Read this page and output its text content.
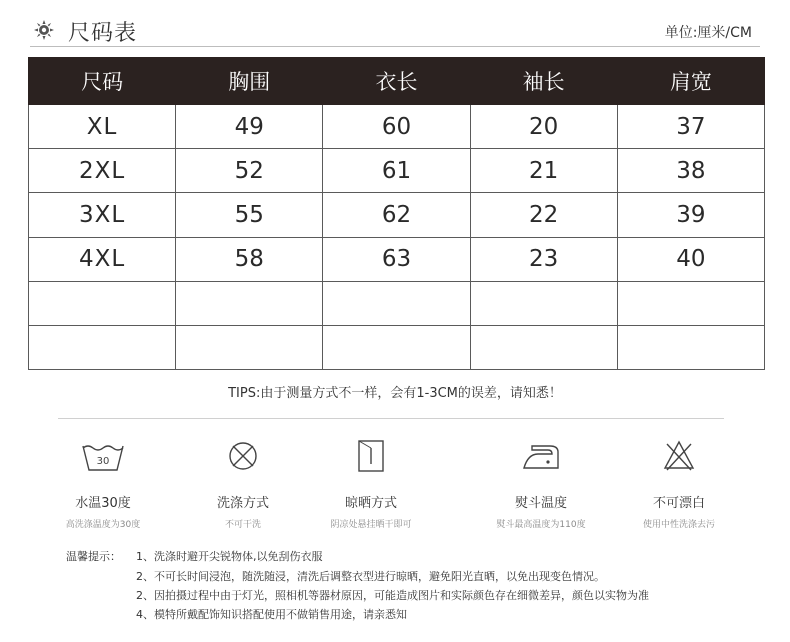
尺码表	单位:厘米/CM
尺码	胸围	衣长	袖长	肩宽
XL	49	60	20	37
2XL	52	61	21	38
3XL	55	62	22	39
4XL	58	63	23	40

TIPS:由于测量方式不一样，会有1-3CM的误差，请知悉！
30
水温30度
高洗涤温度为30度
洗涤方式
不可干洗
晾晒方式
阴凉处悬挂晒干即可
熨斗温度
熨斗最高温度为110度
不可漂白
使用中性洗涤去污
温馨提示：	1、洗涤时避开尖锐物体,以免刮伤衣服
2、不可长时间浸泡，随洗随浸，清洗后调整衣型进行晾晒，避免阳光直晒，以免出现变色情况。
2、因拍摄过程中由于灯光，照相机等器材原因，可能造成图片和实际颜色存在细微差异，颜色以实物为准
4、模特所戴配饰知识搭配使用不做销售用途，请亲悉知
